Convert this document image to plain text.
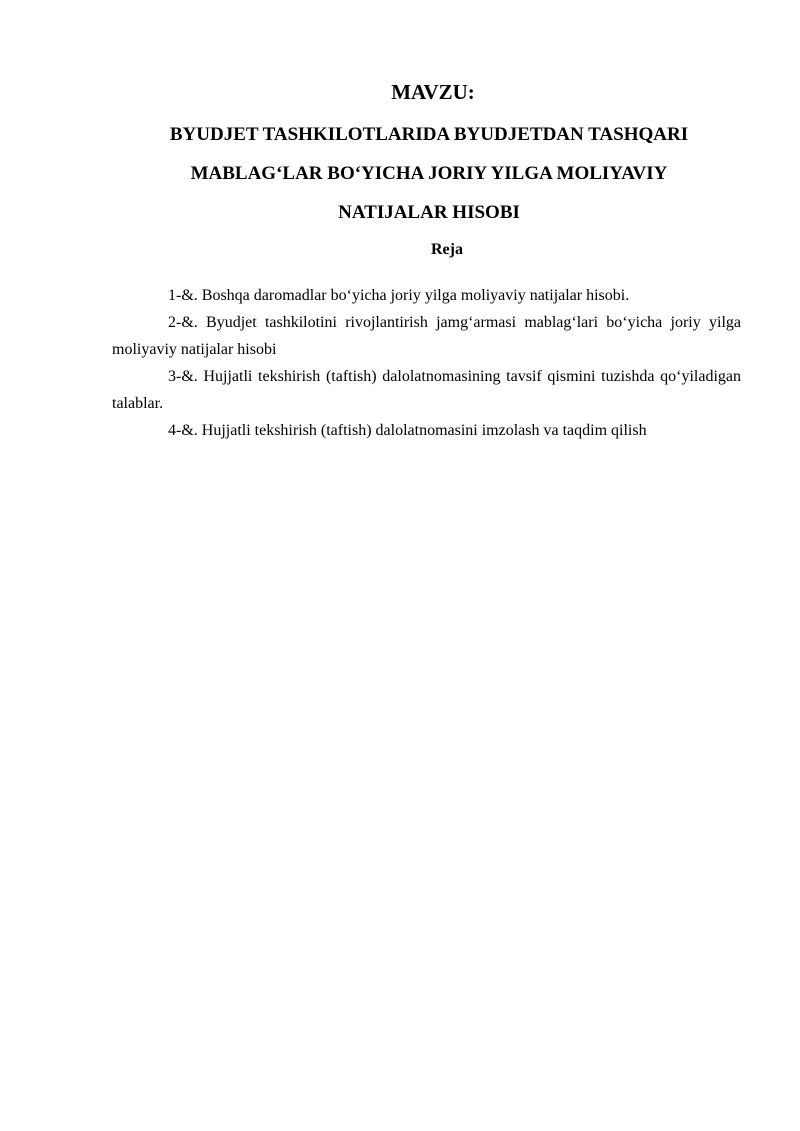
MAVZU:
BYUDJET TASHKILOTLARIDA BYUDJETDAN TASHQARI
MABLAG‘LAR BO‘YICHA JORIY YILGA MOLIYAVIY
NATIJALAR HISOBI
Reja
1-&. Boshqa daromadlar bo‘yicha joriy yilga moliyaviy natijalar hisobi.
2-&. Byudjet tashkilotini rivojlantirish jamg‘armasi mablag‘lari bo‘yicha joriy yilga moliyaviy natijalar hisobi
3-&. Hujjatli tekshirish (taftish) dalolatnomasining tavsif qismini tuzishda qo‘yiladigan talablar.
4-&. Hujjatli tekshirish (taftish) dalolatnomasini imzolash va taqdim qilish
